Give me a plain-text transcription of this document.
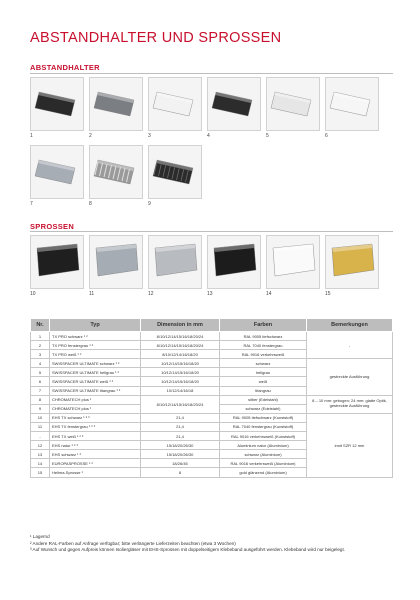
ABSTANDHALTER UND SPROSSEN
ABSTANDHALTER
1	2	3	4	5	6
7	8	9
SPROSSEN
10	11	12	13	14	15
Nr.	Typ	Dimension in mm	Farben	Bemerkungen
1	TX PRO schwarz ¹ ²	8/10/12/14/15/16/18/20/24	RAL 9005 tiefschwarz	-
2	TX PRO fenstergrau ¹ ²	8/10/12/14/15/16/18/20/24	RAL 7040 fenstergrau	
3	TX PRO weiß ¹ ²	8/10/12/14/16/18/20	RAL 9016 verkehrsweiß	
4	SWISSPACER ULTIMATE schwarz ¹ ²	10/12/14/15/16/18/20	schwarz	gestreckte Ausführung
5	SWISSPACER ULTIMATE hellgrau ¹ ²	10/12/14/15/16/18/20	hellgrau	
6	SWISSPACER ULTIMATE weiß ¹ ²	10/12/14/15/16/18/20	weiß	
7	SWISSPACER ULTIMATE titangrau ¹ ²	10/12/14/16/18	titangrau	
8	CHROMATECH plus ¹	8/10/12/14/15/16/18/20/24	silber (Edelstahl)	8 – 10 mm: gebogen; 24 mm: glatte Optik, gestreckte Ausführung
9	CHROMATECH plus ¹		schwarz (Edelstahl)	
10	EHS TX schwarz ¹ ² ³	21,4	RAL 9005 tiefschwarz (Kunststoff)	innit SZR 12 mm
11	EHS TX fenstergrau ¹ ² ³	21,4	RAL 7040 fenstergrau (Kunststoff)	
-	EHS TX weiß ¹ ² ³	21,4	RAL 9016 verkehrsweiß (Kunststoff)	
12	EHS natur ¹ ² ³	15/18/20/26/30	Aluminium natur (Aluminium)	
13	EHS schwarz ¹ ³	15/18/20/26/30	schwarz (Aluminium)	
14	EUROPASPROSSE ¹ ²	18/26/45	RAL 9016 verkehrsweiß (Aluminium)	
15	Helima-Sprosse ¹	8	gold glänzend (Aluminium)	
¹ Lagernd
² Andere RAL-Farben auf Anfrage verfügbar; bitte verlängerte Lieferzeiten beachten (etwa 3 Wochen)
³ Auf Wunsch und gegen Aufpreis können Isoliergläser mit EHS-Sprossen mit doppelseitigem Klebeband ausgeführt werden. Klebeband wird nur beigelegt.
